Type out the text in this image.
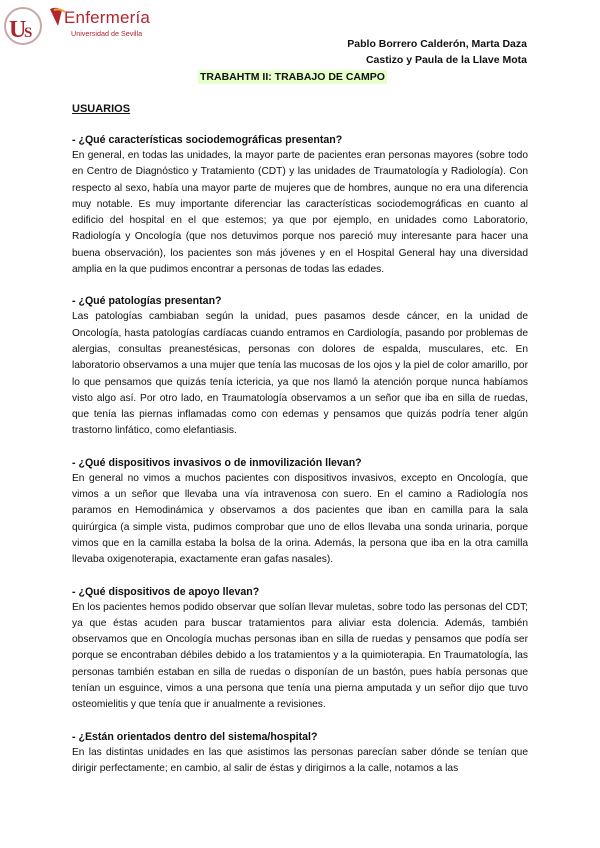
U
S
Enfermería
Universidad de Sevilla
Pablo Borrero Calderón, Marta Daza
Castizo y Paula de la Llave Mota
TRABAHTM II: TRABAJO DE CAMPO
USUARIOS

- ¿Qué características sociodemográficas presentan?

En general, en todas las unidades, la mayor parte de pacientes eran personas mayores (sobre todo en Centro de Diagnóstico y Tratamiento (CDT) y las unidades de Traumatología y Radiología). Con respecto al sexo, había una mayor parte de mujeres que de hombres, aunque no era una diferencia muy notable. Es muy importante diferenciar las características sociodemográficas en cuanto al edificio del hospital en el que estemos; ya que por ejemplo, en unidades como Laboratorio, Radiología y Oncología (que nos detuvimos porque nos pareció muy interesante para hacer una buena observación), los pacientes son más jóvenes y en el Hospital General hay una diversidad amplia en la que pudimos encontrar a personas de todas las edades.

- ¿Qué patologías presentan?

Las patologías cambiaban según la unidad, pues pasamos desde cáncer, en la unidad de Oncología, hasta patologías cardíacas cuando entramos en Cardiología, pasando por problemas de alergias, consultas preanestésicas, personas con dolores de espalda, musculares, etc. En laboratorio observamos a una mujer que tenía las mucosas de los ojos y la piel de color amarillo, por lo que pensamos que quizás tenía ictericia, ya que nos llamó la atención porque nunca habíamos visto algo así. Por otro lado, en Traumatología observamos a un señor que iba en silla de ruedas, que tenía las piernas inflamadas como con edemas y pensamos que quizás podría tener algún trastorno linfático, como elefantiasis.

- ¿Qué dispositivos invasivos o de inmovilización llevan?

En general no vimos a muchos pacientes con dispositivos invasivos, excepto en Oncología, que vimos a un señor que llevaba una vía intravenosa con suero. En el camino a Radiología nos paramos en Hemodinámica y observamos a dos pacientes que iban en camilla para la sala quirúrgica (a simple vista, pudimos comprobar que uno de ellos llevaba una sonda urinaria, porque vimos que en la camilla estaba la bolsa de la orina. Además, la persona que iba en la otra camilla llevaba oxigenoterapia, exactamente eran gafas nasales).

- ¿Qué dispositivos de apoyo llevan?

En los pacientes hemos podido observar que solían llevar muletas, sobre todo las personas del CDT; ya que éstas acuden para buscar tratamientos para aliviar esta dolencia. Además, también observamos que en Oncología muchas personas iban en silla de ruedas y pensamos que podía ser porque se encontraban débiles debido a los tratamientos y a la quimioterapia. En Traumatología, las personas también estaban en silla de ruedas o disponían de un bastón, pues había personas que tenían un esguince, vimos a una persona que tenía una pierna amputada y un señor dijo que tuvo osteomielitis y que tenía que ir anualmente a revisiones.

- ¿Están orientados dentro del sistema/hospital?

En las distintas unidades en las que asistimos las personas parecían saber dónde se tenían que dirigir perfectamente; en cambio, al salir de éstas y dirigirnos a la calle, notamos a las
